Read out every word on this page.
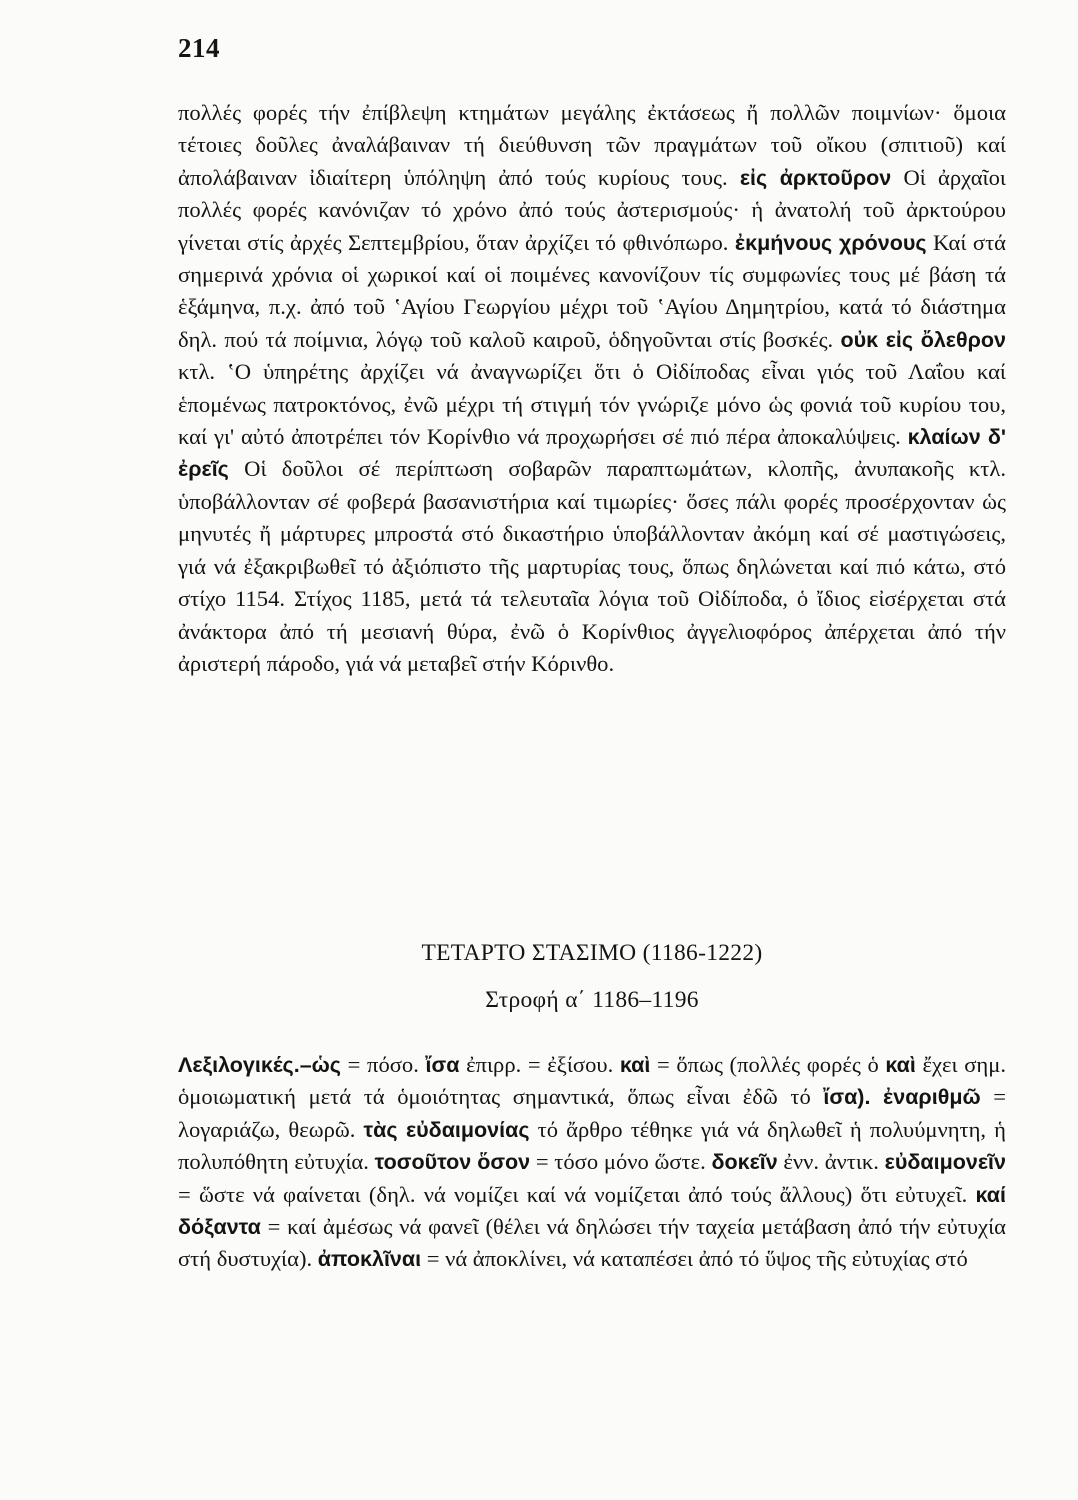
214

πολλές φορές τήν ἐπίβλεψη κτημάτων μεγάλης ἐκτάσεως ἤ πολλῶν ποιμνίων· ὅμοια τέτοιες δοῦλες ἀναλάβαιναν τή διεύθυνση τῶν πραγμάτων τοῦ οἴκου (σπιτιοῦ) καί ἀπολάβαιναν ἰδιαίτερη ὑπόληψη ἀπό τούς κυρίους τους. εἰς ἀρκτοῦρον Οἱ ἀρχαῖοι πολλές φορές κανόνιζαν τό χρόνο ἀπό τούς ἀστερισμούς· ἡ ἀνατολή τοῦ ἀρκτούρου γίνεται στίς ἀρχές Σεπτεμβρίου, ὅταν ἀρχίζει τό φθινόπωρο. ἐκμήνους χρόνους Καί στά σημερινά χρόνια οἱ χωρικοί καί οἱ ποιμένες κανονίζουν τίς συμφωνίες τους μέ βάση τά ἑξάμηνα, π.χ. ἀπό τοῦ ʽΑγίου Γεωργίου μέχρι τοῦ ʽΑγίου Δημητρίου, κατά τό διάστημα δηλ. πού τά ποίμνια, λόγῳ τοῦ καλοῦ καιροῦ, ὁδηγοῦνται στίς βοσκές. οὐκ εἰς ὄλεθρον κτλ. ʽΟ ὑπηρέτης ἀρχίζει νά ἀναγνωρίζει ὅτι ὁ Οἰδίποδας εἶναι γιός τοῦ Λαΐου καί ἑπομένως πατροκτόνος, ἐνῶ μέχρι τή στιγμή τόν γνώριζε μόνο ὡς φονιά τοῦ κυρίου του, καί γι' αὐτό ἀποτρέπει τόν Κορίνθιο νά προχωρήσει σέ πιό πέρα ἀποκαλύψεις. κλαίων δ' ἐρεῖς Οἱ δοῦλοι σέ περίπτωση σοβαρῶν παραπτωμάτων, κλοπῆς, ἀνυπακοῆς κτλ. ὑποβάλλονταν σέ φοβερά βασανιστήρια καί τιμωρίες· ὅσες πάλι φορές προσέρχονταν ὡς μηνυτές ἤ μάρτυρες μπροστά στό δικαστήριο ὑποβάλλονταν ἀκόμη καί σέ μαστιγώσεις, γιά νά ἐξακριβωθεῖ τό ἀξιόπιστο τῆς μαρτυρίας τους, ὅπως δηλώνεται καί πιό κάτω, στό στίχο 1154. Στίχος 1185, μετά τά τελευταῖα λόγια τοῦ Οἰδίποδα, ὁ ἴδιος εἰσέρχεται στά ἀνάκτορα ἀπό τή μεσιανή θύρα, ἐνῶ ὁ Κορίνθιος ἀγγελιοφόρος ἀπέρχεται ἀπό τήν ἀριστερή πάροδο, γιά νά μεταβεῖ στήν Κόρινθο.

ΤΕΤΑΡΤΟ ΣΤΑΣΙΜΟ (1186-1222)
Στροφή α΄ 1186–1196

Λεξιλογικές.–ὡς = πόσο. ἴσα ἐπιρρ. = ἐξίσου. καὶ = ὅπως (πολλές φορές ὁ καὶ ἔχει σημ. ὁμοιωματική μετά τά ὁμοιότητας σημαντικά, ὅπως εἶναι ἐδῶ τό ἴσα). ἐναριθμῶ = λογαριάζω, θεωρῶ. τὰς εὐδαιμονίας τό ἄρθρο τέθηκε γιά νά δηλωθεῖ ἡ πολυύμνητη, ἡ πολυπόθητη εὐτυχία. τοσοῦτον ὅσον = τόσο μόνο ὥστε. δοκεῖν ἐνν. ἀντικ. εὐδαιμονεῖν = ὥστε νά φαίνεται (δηλ. νά νομίζει καί νά νομίζεται ἀπό τούς ἄλλους) ὅτι εὐτυχεῖ. καί δόξαντα = καί ἀμέσως νά φανεῖ (θέλει νά δηλώσει τήν ταχεία μετάβαση ἀπό τήν εὐτυχία στή δυστυχία). ἀποκλῖναι = νά ἀποκλίνει, νά καταπέσει ἀπό τό ὕψος τῆς εὐτυχίας στό
